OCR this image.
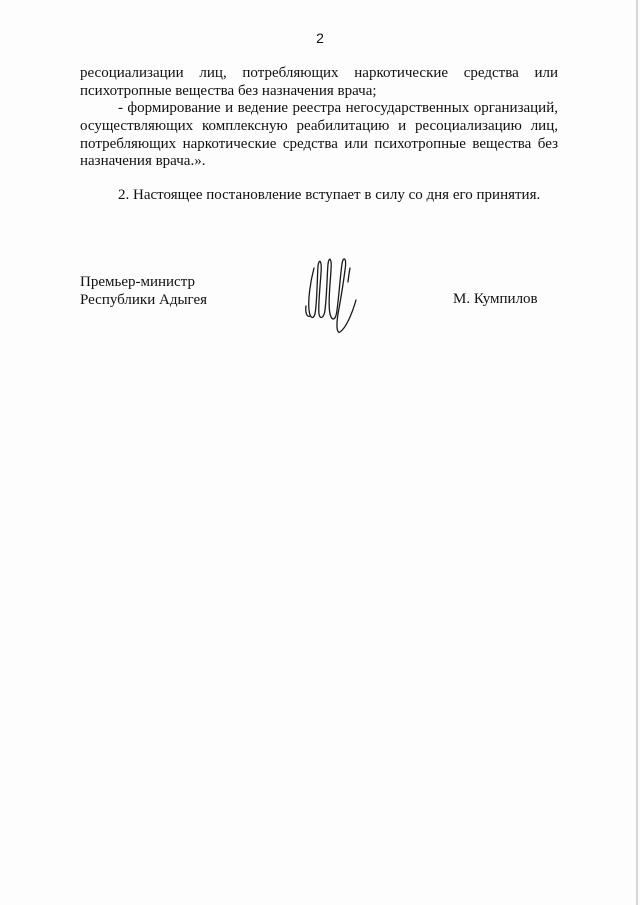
2
ресоциализации лиц, потребляющих наркотические средства или
психотропные вещества без назначения врача;
- формирование и ведение реестра негосударственных организаций,
осуществляющих комплексную реабилитацию и ресоциализацию лиц,
потребляющих наркотические средства или психотропные вещества без
назначения врача.».
2. Настоящее постановление вступает в силу со дня его принятия.
Премьер-министр
Республики Адыгея	М. Кумпилов
